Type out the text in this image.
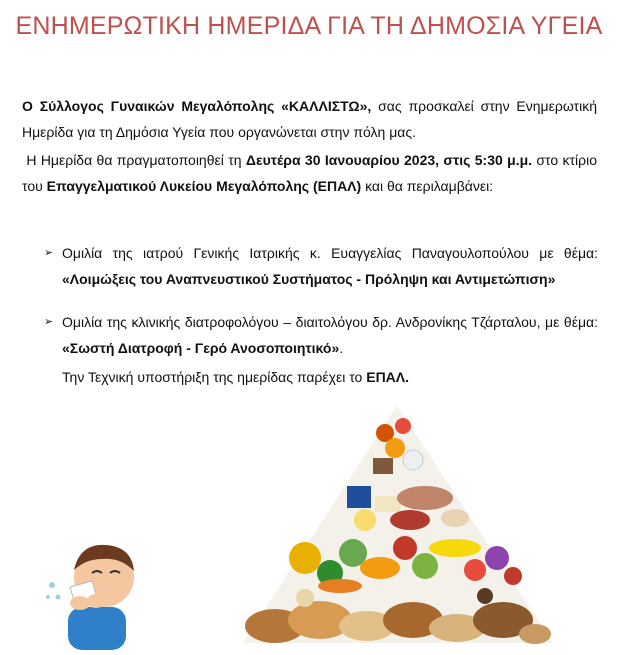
ΕΝΗΜΕΡΩΤΙΚΗ ΗΜΕΡΙΔΑ ΓΙΑ ΤΗ ΔΗΜΟΣΙΑ ΥΓΕΙΑ
Ο Σύλλογος Γυναικών Μεγαλόπολης «ΚΑΛΛΙΣΤΩ», σας προσκαλεί στην Ενημερωτική Ημερίδα για τη Δημόσια Υγεία που οργανώνεται στην πόλη μας.
Η Ημερίδα θα πραγματοποιηθεί τη Δευτέρα 30 Ιανουαρίου 2023, στις 5:30 μ.μ. στο κτίριο του Επαγγελματικού Λυκείου Μεγαλόπολης (ΕΠΑΛ) και θα περιλαμβάνει:
➢ Ομιλία της ιατρού Γενικής Ιατρικής κ. Ευαγγελίας Παναγουλοπούλου με θέμα: «Λοιμώξεις του Αναπνευστικού Συστήματος - Πρόληψη και Αντιμετώπιση»
➢ Ομιλία της κλινικής διατροφολόγου – διαιτολόγου δρ. Ανδρονίκης Τζάρταλου, με θέμα: «Σωστή Διατροφή - Γερό Ανοσοποιητικό».
Την Τεχνική υποστήριξη της ημερίδας παρέχει το ΕΠΑΛ.
